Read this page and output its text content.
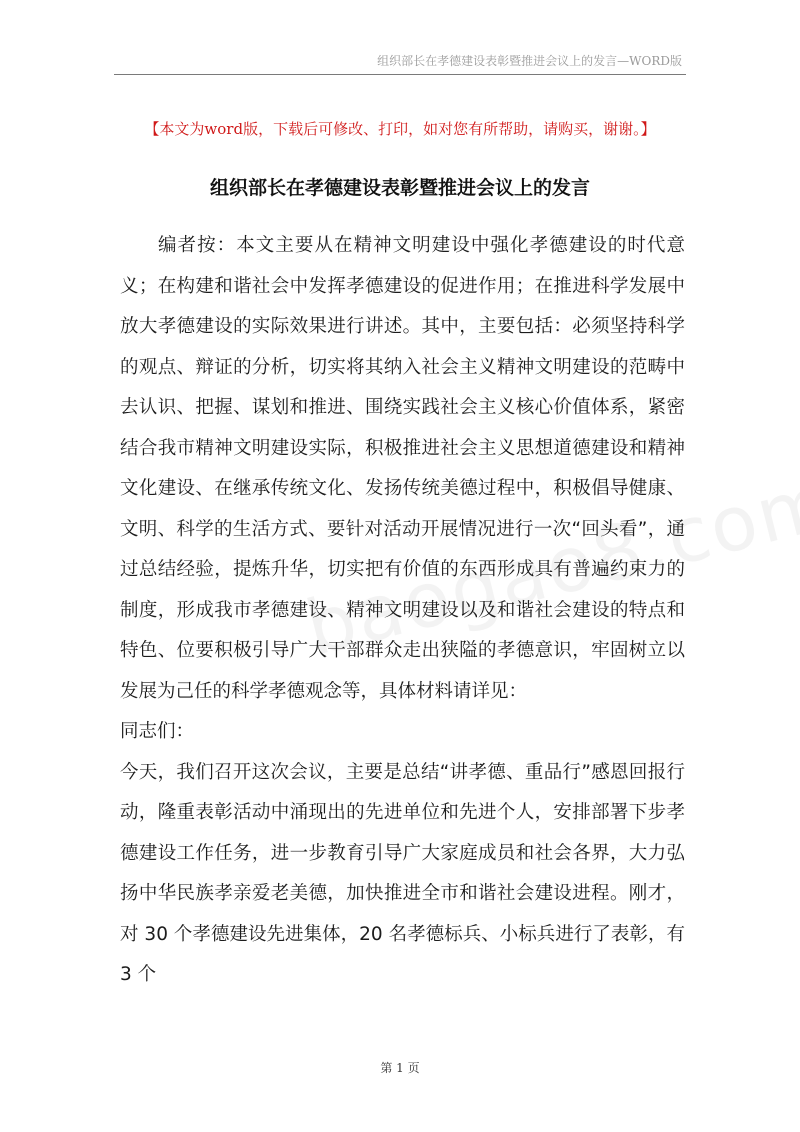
组织部长在孝德建设表彰暨推进会议上的发言—WORD版
【本文为word版，下载后可修改、打印，如对您有所帮助，请购买，谢谢。】
组织部长在孝德建设表彰暨推进会议上的发言
编者按：本文主要从在精神文明建设中强化孝德建设的时代意
义；在构建和谐社会中发挥孝德建设的促进作用；在推进科学发展中
放大孝德建设的实际效果进行讲述。其中，主要包括：必须坚持科学
的观点、辩证的分析，切实将其纳入社会主义精神文明建设的范畴中
去认识、把握、谋划和推进、围绕实践社会主义核心价值体系，紧密
结合我市精神文明建设实际，积极推进社会主义思想道德建设和精神
文化建设、在继承传统文化、发扬传统美德过程中，积极倡导健康、
文明、科学的生活方式、要针对活动开展情况进行一次“回头看”，通
过总结经验，提炼升华，切实把有价值的东西形成具有普遍约束力的
制度，形成我市孝德建设、精神文明建设以及和谐社会建设的特点和
特色、位要积极引导广大干部群众走出狭隘的孝德意识，牢固树立以
发展为己任的科学孝德观念等，具体材料请详见：
同志们：
今天，我们召开这次会议，主要是总结“讲孝德、重品行”感恩回报行
动，隆重表彰活动中涌现出的先进单位和先进个人，安排部署下步孝
德建设工作任务，进一步教育引导广大家庭成员和社会各界，大力弘
扬中华民族孝亲爱老美德，加快推进全市和谐社会建设进程。刚才，
对 30 个孝德建设先进集体，20 名孝德标兵、小标兵进行了表彰，有
3 个
第 1 页
